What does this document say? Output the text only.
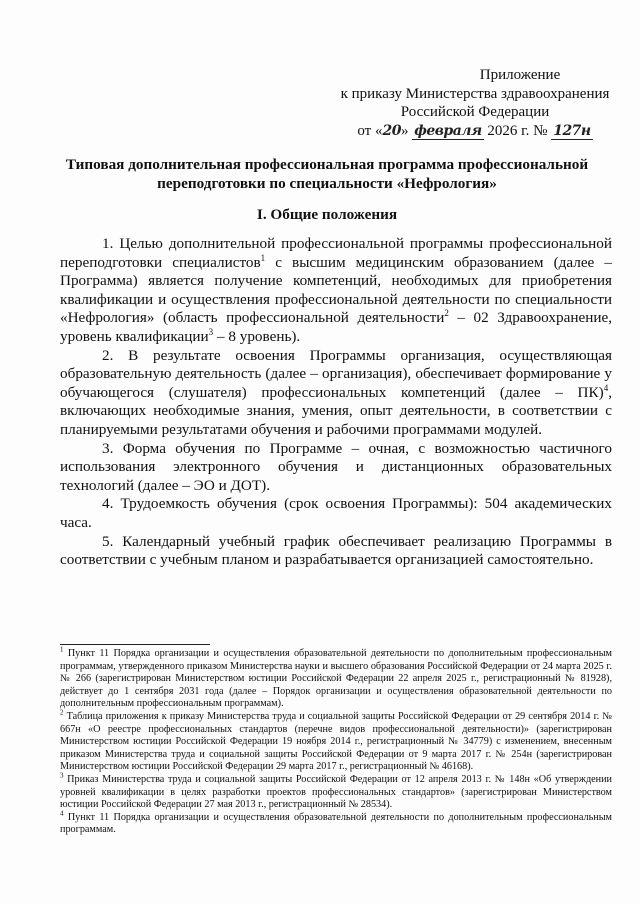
Приложение
к приказу Министерства здравоохранения
Российской Федерации
от «20» февраля 2026 г. № 127н
Типовая дополнительная профессиональная программа профессиональной переподготовки по специальности «Нефрология»
I. Общие положения

1. Целью дополнительной профессиональной программы профессиональной переподготовки специалистов$^1$ с высшим медицинским образованием (далее – Программа) является получение компетенций, необходимых для приобретения квалификации и осуществления профессиональной деятельности по специальности «Нефрология» (область профессиональной деятельности$^2$ – 02 Здравоохранение, уровень квалификации$^3$ – 8 уровень).

2. В результате освоения Программы организация, осуществляющая образовательную деятельность (далее – организация), обеспечивает формирование у обучающегося (слушателя) профессиональных компетенций (далее – ПК)$^4$, включающих необходимые знания, умения, опыт деятельности, в соответствии с планируемыми результатами обучения и рабочими программами модулей.

3. Форма обучения по Программе – очная, с возможностью частичного использования электронного обучения и дистанционных образовательных технологий (далее – ЭО и ДОТ).

4. Трудоемкость обучения (срок освоения Программы): 504 академических часа.

5. Календарный учебный график обеспечивает реализацию Программы в соответствии с учебным планом и разрабатывается организацией самостоятельно.

$^1$ Пункт 11 Порядка организации и осуществления образовательной деятельности по дополнительным профессиональным программам, утвержденного приказом Министерства науки и высшего образования Российской Федерации от 24 марта 2025 г. № 266 (зарегистрирован Министерством юстиции Российской Федерации 22 апреля 2025 г., регистрационный № 81928), действует до 1 сентября 2031 года (далее – Порядок организации и осуществления образовательной деятельности по дополнительным профессиональным программам).

$^2$ Таблица приложения к приказу Министерства труда и социальной защиты Российской Федерации от 29 сентября 2014 г. № 667н «О реестре профессиональных стандартов (перечне видов профессиональной деятельности)» (зарегистрирован Министерством юстиции Российской Федерации 19 ноября 2014 г., регистрационный № 34779) с изменением, внесенным приказом Министерства труда и социальной защиты Российской Федерации от 9 марта 2017 г. № 254н (зарегистрирован Министерством юстиции Российской Федерации 29 марта 2017 г., регистрационный № 46168).

$^3$ Приказ Министерства труда и социальной защиты Российской Федерации от 12 апреля 2013 г. № 148н «Об утверждении уровней квалификации в целях разработки проектов профессиональных стандартов» (зарегистрирован Министерством юстиции Российской Федерации 27 мая 2013 г., регистрационный № 28534).

$^4$ Пункт 11 Порядка организации и осуществления образовательной деятельности по дополнительным профессиональным программам.
